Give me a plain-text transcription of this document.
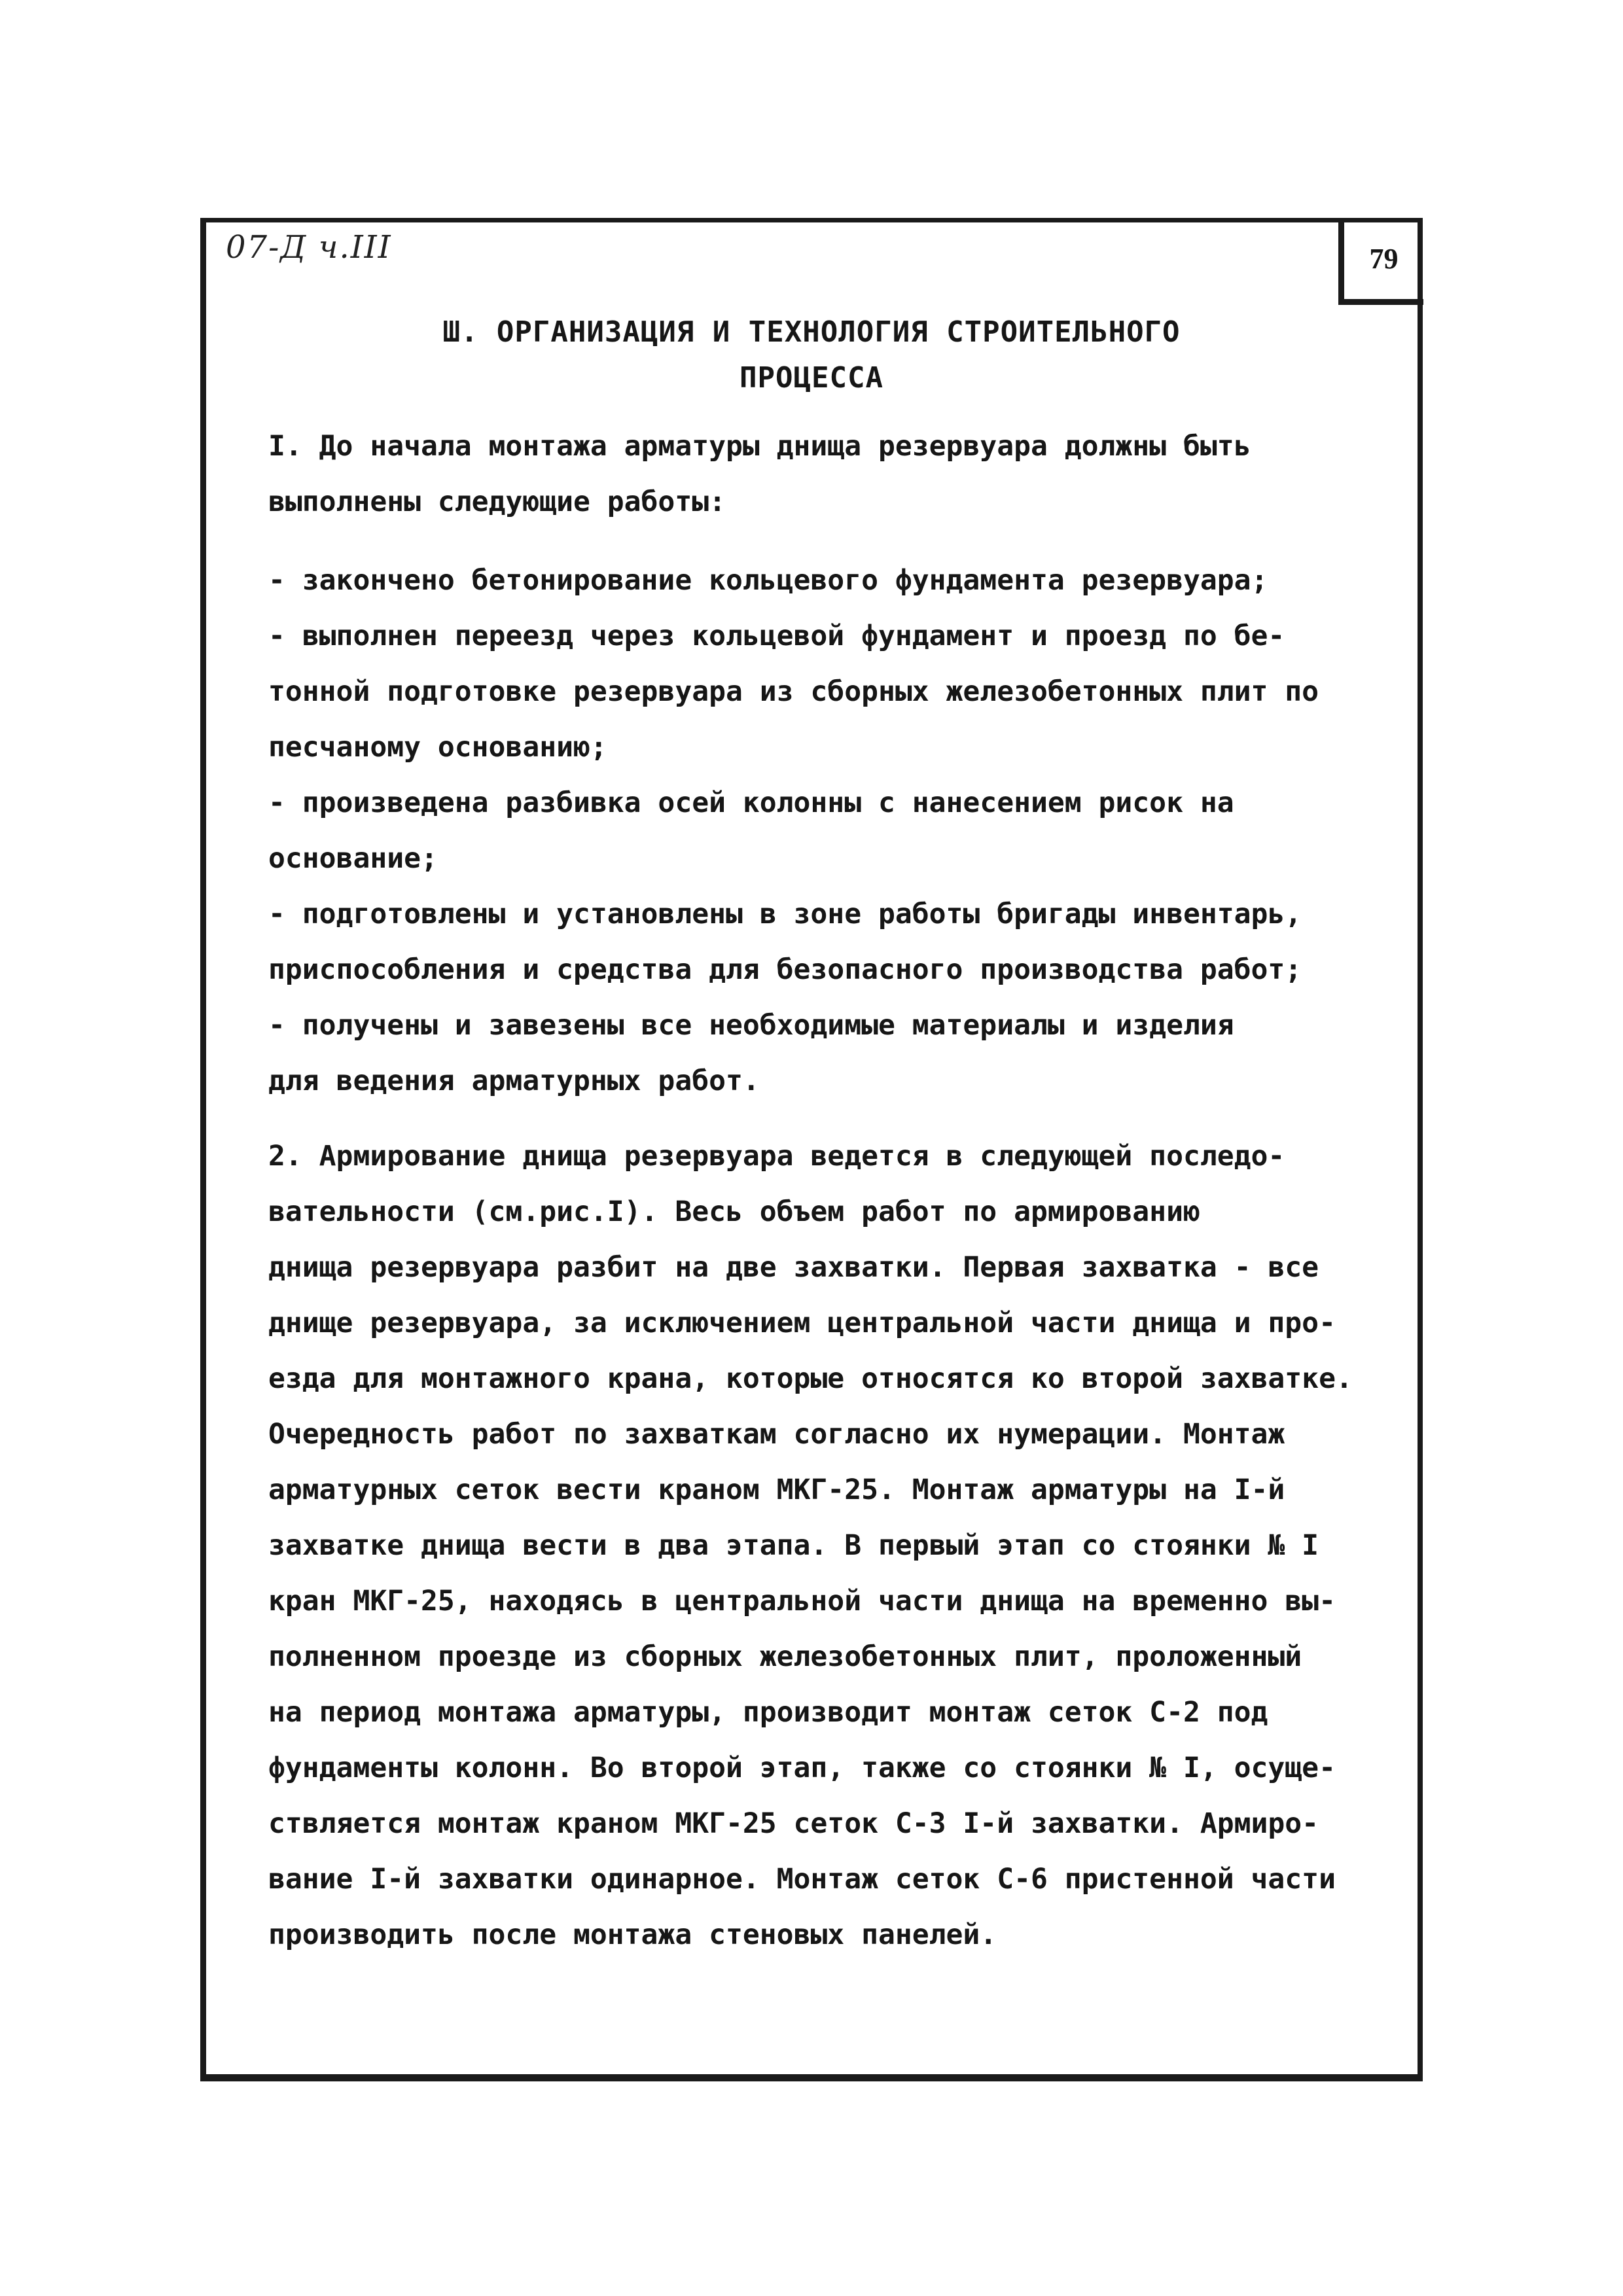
79
07-Д ч.III
Ш. ОРГАНИЗАЦИЯ И ТЕХНОЛОГИЯ СТРОИТЕЛЬНОГО
ПРОЦЕССА
I. До начала монтажа арматуры днища резервуара должны быть
выполнены следующие работы:
- закончено бетонирование кольцевого фундамента резервуара;
- выполнен переезд через кольцевой фундамент и проезд по бе-
тонной подготовке резервуара из сборных железобетонных плит по
песчаному основанию;
- произведена разбивка осей колонны с нанесением рисок на
основание;
- подготовлены и установлены в зоне работы бригады инвентарь,
приспособления и средства для безопасного производства работ;
- получены и завезены все необходимые материалы и изделия
для ведения арматурных работ.
2. Армирование днища резервуара ведется в следующей последо-
вательности (см.рис.I). Весь объем работ по армированию
днища резервуара разбит на две захватки. Первая захватка - все
днище резервуара, за исключением центральной части днища и про-
езда для монтажного крана, которые относятся ко второй захватке.
Очередность работ по захваткам согласно их нумерации. Монтаж
арматурных сеток вести краном МКГ-25. Монтаж арматуры на I-й
захватке днища вести в два этапа. В первый этап со стоянки № I
кран МКГ-25, находясь в центральной части днища на временно вы-
полненном проезде из сборных железобетонных плит, проложенный
на период монтажа арматуры, производит монтаж сеток С-2 под
фундаменты колонн. Во второй этап, также со стоянки № I, осуще-
ствляется монтаж краном МКГ-25 сеток С-3 I-й захватки. Армиро-
вание I-й захватки одинарное. Монтаж сеток С-6 пристенной части
производить после монтажа стеновых панелей.
